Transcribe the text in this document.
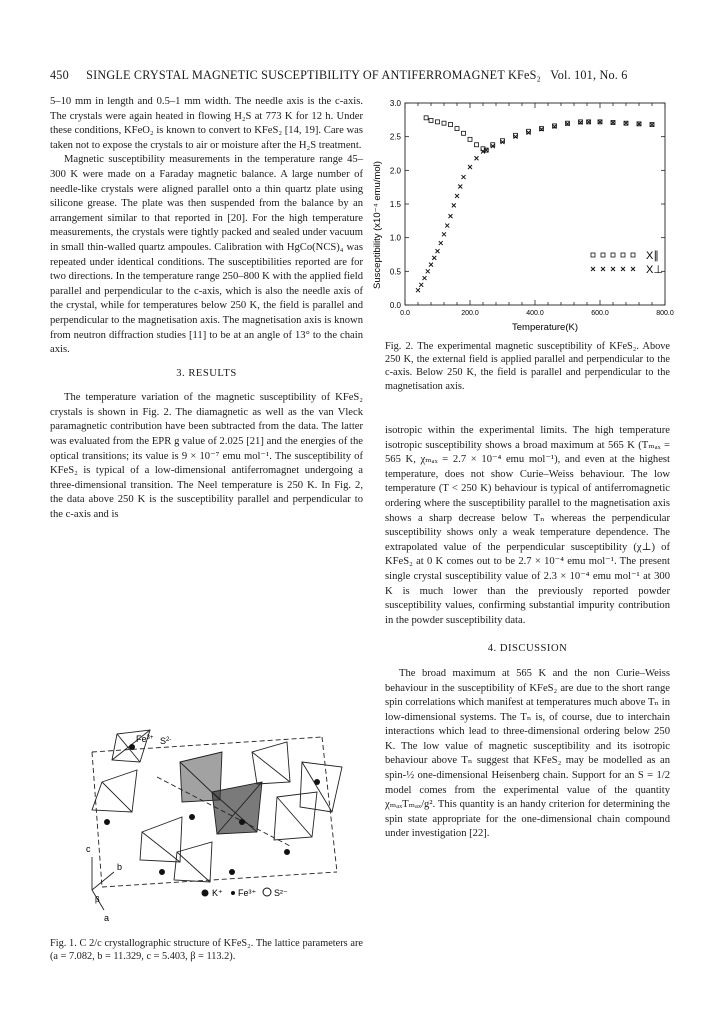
450 SINGLE CRYSTAL MAGNETIC SUSCEPTIBILITY OF ANTIFERROMAGNET KFeS₂ Vol. 101, No. 6

5–10 mm in length and 0.5–1 mm width. The needle axis is the c-axis. The crystals were again heated in flowing H₂S at 773 K for 12 h. Under these conditions, KFeO₂ is known to convert to KFeS₂ [14, 19]. Care was taken not to expose the crystals to air or moisture after the H₂S treatment.

Magnetic susceptibility measurements in the temperature range 45–300 K were made on a Faraday magnetic balance. A large number of needle-like crystals were aligned parallel onto a thin quartz plate using silicone grease. The plate was then suspended from the balance by an arrangement similar to that reported in [20]. For the high temperature measurements, the crystals were tightly packed and sealed under vacuum in small thin-walled quartz ampoules. Calibration with HgCo(NCS)₄ was repeated under identical conditions. The susceptibilities reported are for two directions. In the temperature range 250–800 K with the applied field parallel and perpendicular to the c-axis, which is also the needle axis of the crystal, while for temperatures below 250 K, the field is parallel and perpendicular to the magnetisation axis. The magnetisation axis is known from neutron diffraction studies [11] to be at an angle of 13° to the chain axis.

3. RESULTS

The temperature variation of the magnetic susceptibility of KFeS₂ crystals is shown in Fig. 2. The diamagnetic as well as the van Vleck paramagnetic contribution have been subtracted from the data. The latter was evaluated from the EPR g value of 2.025 [21] and the energies of the optical transitions; its value is 9 × 10⁻⁷ emu mol⁻¹. The susceptibility of KFeS₂ is typical of a low-dimensional antiferromagnet undergoing a three-dimensional transition. The Neel temperature is 250 K. In Fig. 2, the data above 250 K is the susceptibility parallel and perpendicular to the c-axis and is

$Fe^{3+}$ $S^{2-}$
c
b
a
β
K⁺ Fe³⁺ S²⁻
Fig. 1. C 2/c crystallographic structure of KFeS₂. The lattice parameters are (a = 7.082, b = 11.329, c = 5.403, β = 113.2).
0.0
0.5
1.0
1.5
2.0
2.5
3.0
0.0	200.0	400.0	600.0	800.0
X∥
X⊥
Susceptibility (x10⁻⁴ emu/mol)
Temperature(K)
Fig. 2. The experimental magnetic susceptibility of KFeS₂. Above 250 K, the external field is applied parallel and perpendicular to the c-axis. Below 250 K, the field is parallel and perpendicular to the magnetisation axis.

isotropic within the experimental limits. The high temperature isotropic susceptibility shows a broad maximum at 565 K (Tₘₐₓ = 565 K, χₘₐₓ = 2.7 × 10⁻⁴ emu mol⁻¹), and even at the highest temperature, does not show Curie–Weiss behaviour. The low temperature (T < 250 K) behaviour is typical of antiferromagnetic ordering where the susceptibility parallel to the magnetisation axis shows a sharp decrease below Tₙ whereas the perpendicular susceptibility shows only a weak temperature dependence. The extrapolated value of the perpendicular susceptibility (χ⊥) of KFeS₂ at 0 K comes out to be 2.7 × 10⁻⁴ emu mol⁻¹. The present single crystal susceptibility value of 2.3 × 10⁻⁴ emu mol⁻¹ at 300 K is much lower than the previously reported powder susceptibility values, confirming substantial impurity contribution in the powder susceptibility data.

4. DISCUSSION

The broad maximum at 565 K and the non Curie–Weiss behaviour in the susceptibility of KFeS₂ are due to the short range spin correlations which manifest at temperatures much above Tₙ in low-dimensional systems. The Tₙ is, of course, due to interchain interactions which lead to three-dimensional ordering below 250 K. The low value of magnetic susceptibility and its isotropic behaviour above Tₙ suggest that KFeS₂ may be modelled as an spin-½ one-dimensional Heisenberg chain. Support for an S = 1/2 model comes from the experimental value of the quantity χₘₐₓTₘₐₓ/g². This quantity is an handy criterion for determining the spin state appropriate for the one-dimensional chain compound under investigation [22].
